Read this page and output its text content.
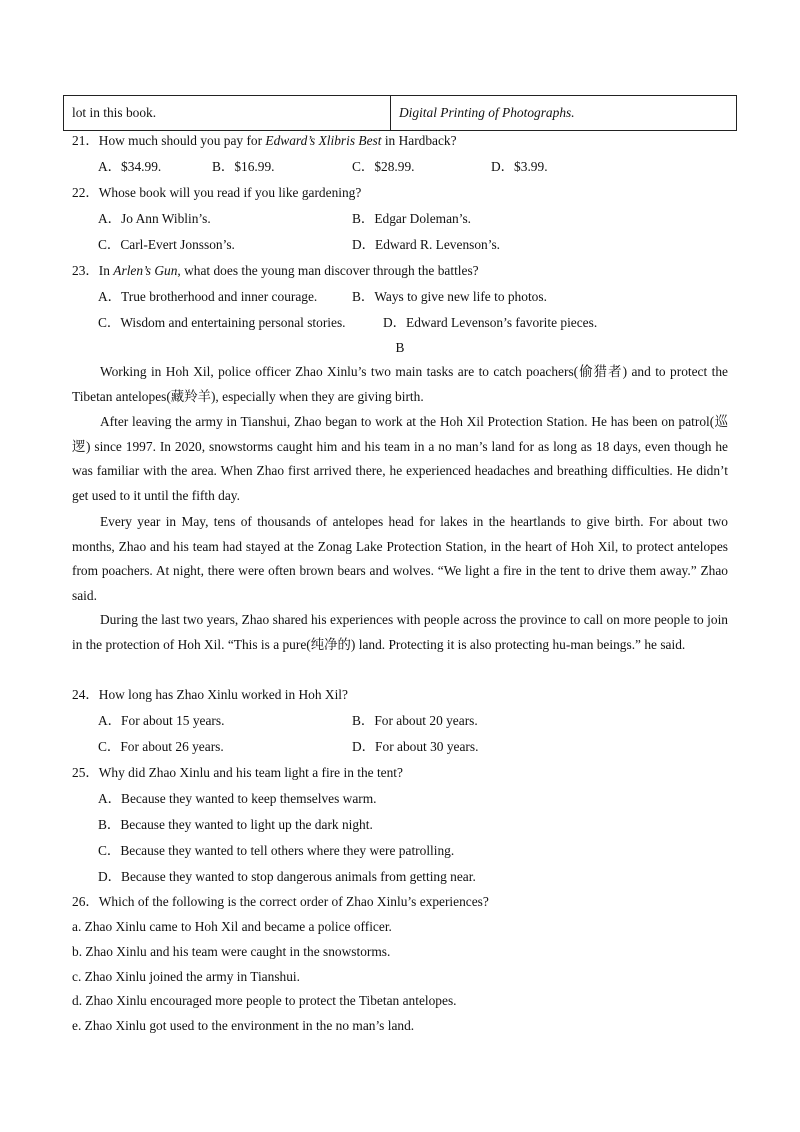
lot in this book.	Digital Printing of Photographs.
21．How much should you pay for Edward’s Xlibris Best in Hardback?
A．$34.99.	B．$16.99.	C．$28.99.	D．$3.99.
22．Whose book will you read if you like gardening?
A．Jo Ann Wiblin’s.	B．Edgar Doleman’s.
C．Carl-Evert Jonsson’s.	D．Edward R. Levenson’s.
23．In Arlen’s Gun, what does the young man discover through the battles?
A．True brotherhood and inner courage.	B．Ways to give new life to photos.
C．Wisdom and entertaining personal stories.	D．Edward Levenson’s favorite pieces.
B
Working in Hoh Xil, police officer Zhao Xinlu’s two main tasks are to catch poachers(偷猎者) and to protect the Tibetan antelopes(藏羚羊), especially when they are giving birth.
After leaving the army in Tianshui, Zhao began to work at the Hoh Xil Protection Station. He has been on patrol(巡逻) since 1997. In 2020, snowstorms caught him and his team in a no man’s land for as long as 18 days, even though he was familiar with the area. When Zhao first arrived there, he experienced headaches and breathing difficulties. He didn’t get used to it until the fifth day.
Every year in May, tens of thousands of antelopes head for lakes in the heartlands to give birth. For about two months, Zhao and his team had stayed at the Zonag Lake Protection Station, in the heart of Hoh Xil, to protect antelopes from poachers. At night, there were often brown bears and wolves. “We light a fire in the tent to drive them away.” Zhao said.
During the last two years, Zhao shared his experiences with people across the province to call on more people to join in the protection of Hoh Xil. “This is a pure(纯净的) land. Protecting it is also protecting hu-man beings.” he said.
24．How long has Zhao Xinlu worked in Hoh Xil?
A．For about 15 years.	B．For about 20 years.
C．For about 26 years.	D．For about 30 years.
25．Why did Zhao Xinlu and his team light a fire in the tent?
A．Because they wanted to keep themselves warm.
B．Because they wanted to light up the dark night.
C．Because they wanted to tell others where they were patrolling.
D．Because they wanted to stop dangerous animals from getting near.
26．Which of the following is the correct order of Zhao Xinlu’s experiences?
a. Zhao Xinlu came to Hoh Xil and became a police officer.
b. Zhao Xinlu and his team were caught in the snowstorms.
c. Zhao Xinlu joined the army in Tianshui.
d. Zhao Xinlu encouraged more people to protect the Tibetan antelopes.
e. Zhao Xinlu got used to the environment in the no man’s land.
